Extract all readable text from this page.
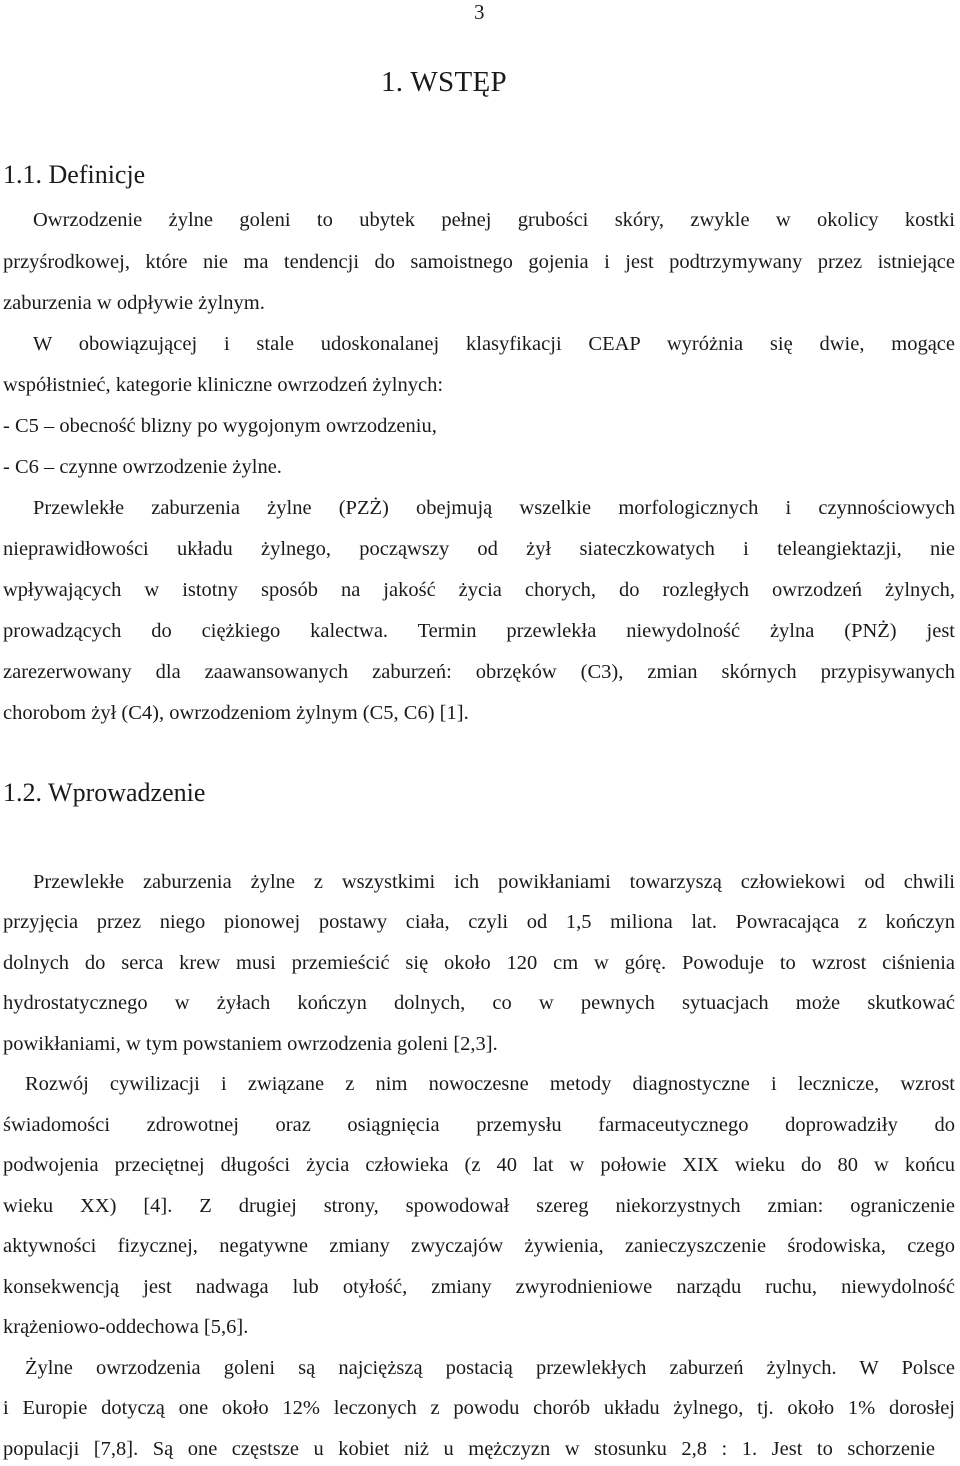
3
1. WSTĘP
1.1. Definicje
Owrzodzenie żylne goleni to ubytek pełnej grubości skóry, zwykle w okolicy kostki
przyśrodkowej, które nie ma tendencji do samoistnego gojenia i jest podtrzymywany przez istniejące
zaburzenia w odpływie żylnym.
W obowiązującej i stale udoskonalanej klasyfikacji CEAP wyróżnia się dwie, mogące
współistnieć, kategorie kliniczne owrzodzeń żylnych:
- C5 – obecność blizny po wygojonym owrzodzeniu,
- C6 – czynne owrzodzenie żylne.
Przewlekłe zaburzenia żylne (PZŻ) obejmują wszelkie morfologicznych i czynnościowych
nieprawidłowości układu żylnego, począwszy od żył siateczkowatych i teleangiektazji, nie
wpływających w istotny sposób na jakość życia chorych, do rozległych owrzodzeń żylnych,
prowadzących do ciężkiego kalectwa. Termin przewlekła niewydolność żylna (PNŻ) jest
zarezerwowany dla zaawansowanych zaburzeń: obrzęków (C3), zmian skórnych przypisywanych
chorobom żył (C4), owrzodzeniom żylnym (C5, C6) [1].
1.2. Wprowadzenie
Przewlekłe zaburzenia żylne z wszystkimi ich powikłaniami towarzyszą człowiekowi od chwili
przyjęcia przez niego pionowej postawy ciała, czyli od 1,5 miliona lat. Powracająca z kończyn
dolnych do serca krew musi przemieścić się około 120 cm w górę. Powoduje to wzrost ciśnienia
hydrostatycznego w żyłach kończyn dolnych, co w pewnych sytuacjach może skutkować
powikłaniami, w tym powstaniem owrzodzenia goleni [2,3].
Rozwój cywilizacji i związane z nim nowoczesne metody diagnostyczne i lecznicze, wzrost
świadomości zdrowotnej oraz osiągnięcia przemysłu farmaceutycznego doprowadziły do
podwojenia przeciętnej długości życia człowieka (z 40 lat w połowie XIX wieku do 80 w końcu
wieku XX) [4]. Z drugiej strony, spowodował szereg niekorzystnych zmian: ograniczenie
aktywności fizycznej, negatywne zmiany zwyczajów żywienia, zanieczyszczenie środowiska, czego
konsekwencją jest nadwaga lub otyłość, zmiany zwyrodnieniowe narządu ruchu, niewydolność
krążeniowo-oddechowa [5,6].
Żylne owrzodzenia goleni są najcięższą postacią przewlekłych zaburzeń żylnych. W Polsce
i Europie dotyczą one około 12% leczonych z powodu chorób układu żylnego, tj. około 1% dorosłej
populacji [7,8]. Są one częstsze u kobiet niż u mężczyzn w stosunku 2,8 : 1. Jest to schorzenie
